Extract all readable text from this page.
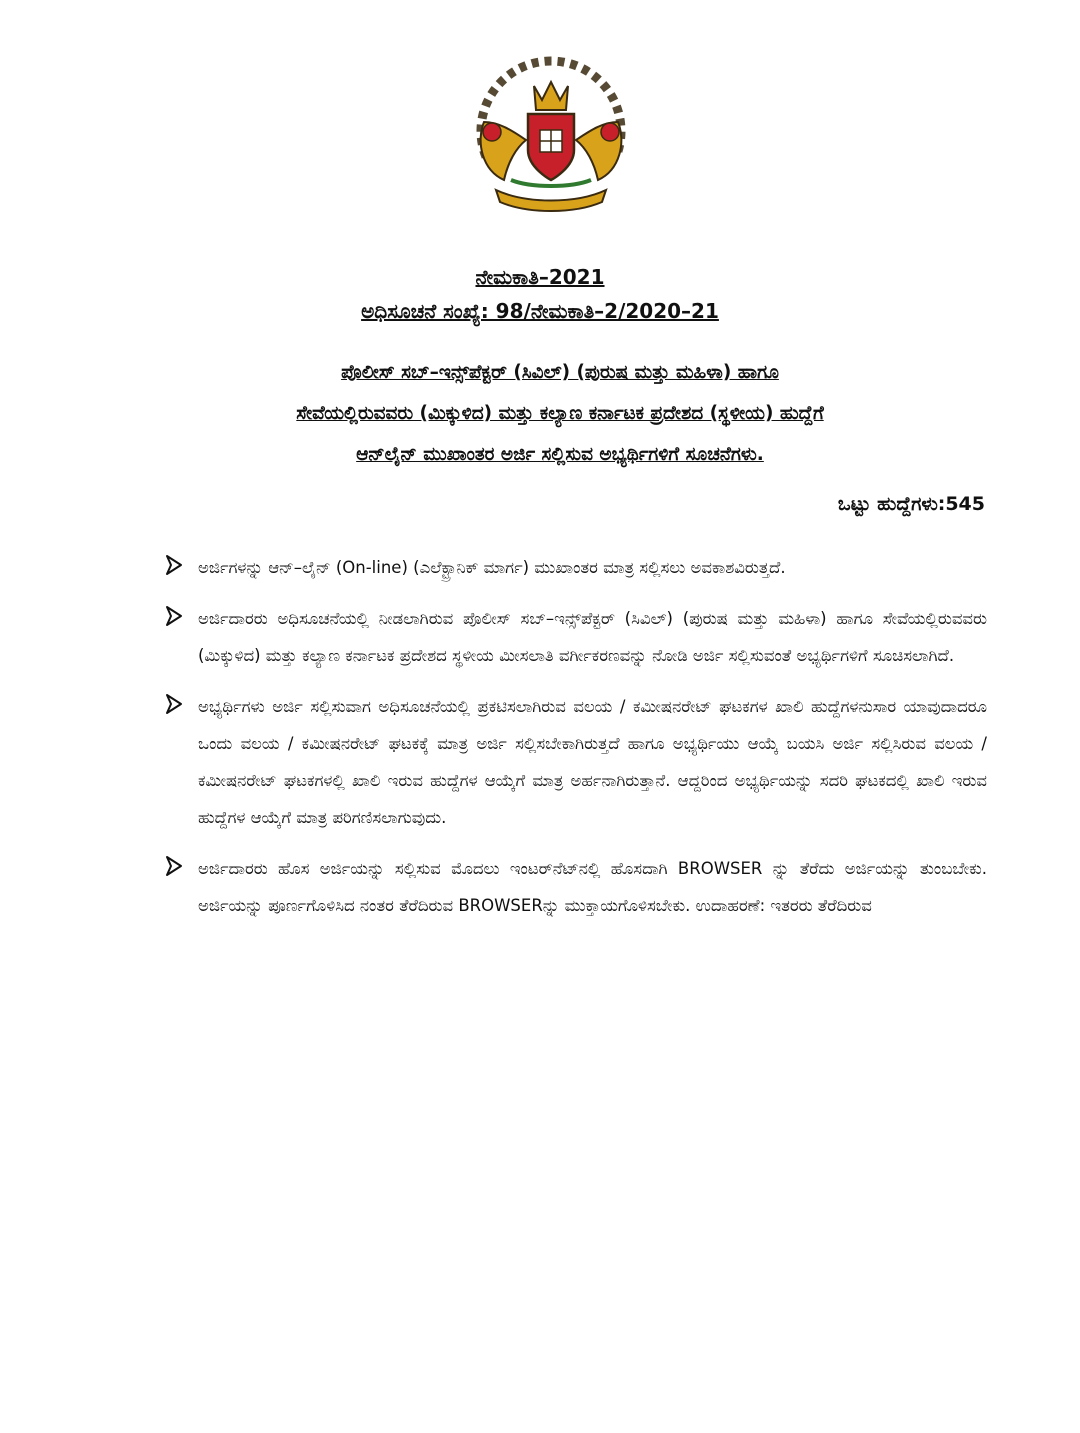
ನೇಮಕಾತಿ–2021

ಅಧಿಸೂಚನೆ ಸಂಖ್ಯೆ: 98/ನೇಮಕಾತಿ–2/2020–21

ಪೊಲೀಸ್ ಸಬ್–ಇನ್ಸ್‌ಪೆಕ್ಟರ್ (ಸಿವಿಲ್) (ಪುರುಷ ಮತ್ತು ಮಹಿಳಾ) ಹಾಗೂ
ಸೇವೆಯಲ್ಲಿರುವವರು (ಮಿಕ್ಕುಳಿದ) ಮತ್ತು ಕಲ್ಯಾಣ ಕರ್ನಾಟಕ ಪ್ರದೇಶದ (ಸ್ಥಳೀಯ) ಹುದ್ದೆಗೆ
ಆನ್‌ಲೈನ್ ಮುಖಾಂತರ ಅರ್ಜಿ ಸಲ್ಲಿಸುವ ಅಭ್ಯರ್ಥಿಗಳಿಗೆ ಸೂಚನೆಗಳು.
ಒಟ್ಟು ಹುದ್ದೆಗಳು:545
ಅರ್ಜಿಗಳನ್ನು ಆನ್–ಲೈನ್ (On-line) (ಎಲೆಕ್ಟ್ರಾನಿಕ್ ಮಾರ್ಗ) ಮುಖಾಂತರ ಮಾತ್ರ ಸಲ್ಲಿಸಲು ಅವಕಾಶವಿರುತ್ತದೆ.
ಅರ್ಜಿದಾರರು ಅಧಿಸೂಚನೆಯಲ್ಲಿ ನೀಡಲಾಗಿರುವ ಪೊಲೀಸ್ ಸಬ್–ಇನ್ಸ್‌ಪೆಕ್ಟರ್ (ಸಿವಿಲ್) (ಪುರುಷ ಮತ್ತು ಮಹಿಳಾ) ಹಾಗೂ ಸೇವೆಯಲ್ಲಿರುವವರು (ಮಿಕ್ಕುಳಿದ) ಮತ್ತು ಕಲ್ಯಾಣ ಕರ್ನಾಟಕ ಪ್ರದೇಶದ ಸ್ಥಳೀಯ ಮೀಸಲಾತಿ ವರ್ಗೀಕರಣವನ್ನು ನೋಡಿ ಅರ್ಜಿ ಸಲ್ಲಿಸುವಂತೆ ಅಭ್ಯರ್ಥಿಗಳಿಗೆ ಸೂಚಿಸಲಾಗಿದೆ.
ಅಭ್ಯರ್ಥಿಗಳು ಅರ್ಜಿ ಸಲ್ಲಿಸುವಾಗ ಅಧಿಸೂಚನೆಯಲ್ಲಿ ಪ್ರಕಟಿಸಲಾಗಿರುವ ವಲಯ / ಕಮೀಷನರೇಟ್ ಘಟಕಗಳ ಖಾಲಿ ಹುದ್ದೆಗಳನುಸಾರ ಯಾವುದಾದರೂ ಒಂದು ವಲಯ / ಕಮೀಷನರೇಟ್ ಘಟಕಕ್ಕೆ ಮಾತ್ರ ಅರ್ಜಿ ಸಲ್ಲಿಸಬೇಕಾಗಿರುತ್ತದೆ ಹಾಗೂ ಅಭ್ಯರ್ಥಿಯು ಆಯ್ಕೆ ಬಯಸಿ ಅರ್ಜಿ ಸಲ್ಲಿಸಿರುವ ವಲಯ / ಕಮೀಷನರೇಟ್ ಘಟಕಗಳಲ್ಲಿ ಖಾಲಿ ಇರುವ ಹುದ್ದೆಗಳ ಆಯ್ಕೆಗೆ ಮಾತ್ರ ಅರ್ಹನಾಗಿರುತ್ತಾನೆ. ಆದ್ದರಿಂದ ಅಭ್ಯರ್ಥಿಯನ್ನು ಸದರಿ ಘಟಕದಲ್ಲಿ ಖಾಲಿ ಇರುವ ಹುದ್ದೆಗಳ ಆಯ್ಕೆಗೆ ಮಾತ್ರ ಪರಿಗಣಿಸಲಾಗುವುದು.
ಅರ್ಜಿದಾರರು ಹೊಸ ಅರ್ಜಿಯನ್ನು ಸಲ್ಲಿಸುವ ಮೊದಲು ಇಂಟರ್‌ನೆಟ್‌ನಲ್ಲಿ ಹೊಸದಾಗಿ BROWSER ನ್ನು ತೆರೆದು ಅರ್ಜಿಯನ್ನು ತುಂಬಬೇಕು. ಅರ್ಜಿಯನ್ನು ಪೂರ್ಣಗೊಳಿಸಿದ ನಂತರ ತೆರೆದಿರುವ BROWSERನ್ನು ಮುಕ್ತಾಯಗೊಳಿಸಬೇಕು. ಉದಾಹರಣೆ: ಇತರರು ತೆರೆದಿರುವ
